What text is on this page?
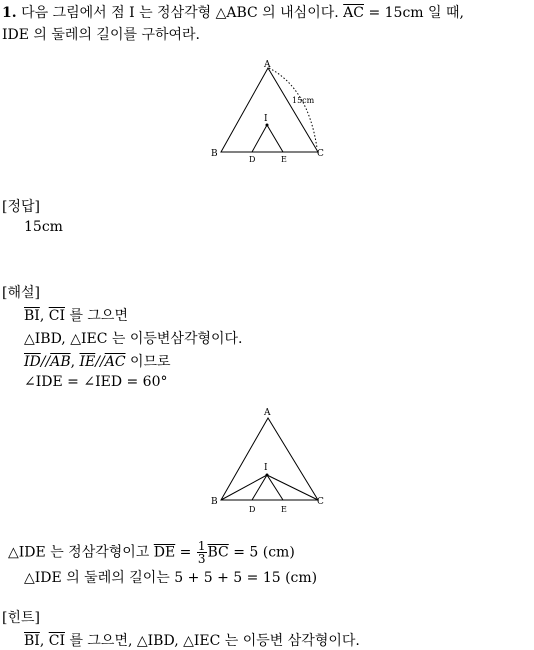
1. 다음 그림에서 점 I 는 정삼각형 △ABC 의 내심이다. $\overline{AC} = 15cm$ 일 때,
IDE 의 둘레의 길이를 구하여라.
A
B	C
D	E
I
15cm
[정답]
15cm
[해설]
$\overline{BI}$, $\overline{CI}$ 를 그으면
△IBD, △IEC 는 이등변삼각형이다.
$\overline{ID}//\overline{AB}$, $\overline{IE}//\overline{AC}$ 이므로
∠IDE = ∠IED = 60°
A
B	C
D	E
I
△IDE 는 정삼각형이고 $\overline{DE} = \frac{1}{3} \overline{BC} = 5$ (cm)
△IDE 의 둘레의 길이는 5 + 5 + 5 = 15 (cm)
[힌트]
$\overline{BI}$, $\overline{CI}$ 를 그으면, △IBD, △IEC 는 이등변 삼각형이다.
